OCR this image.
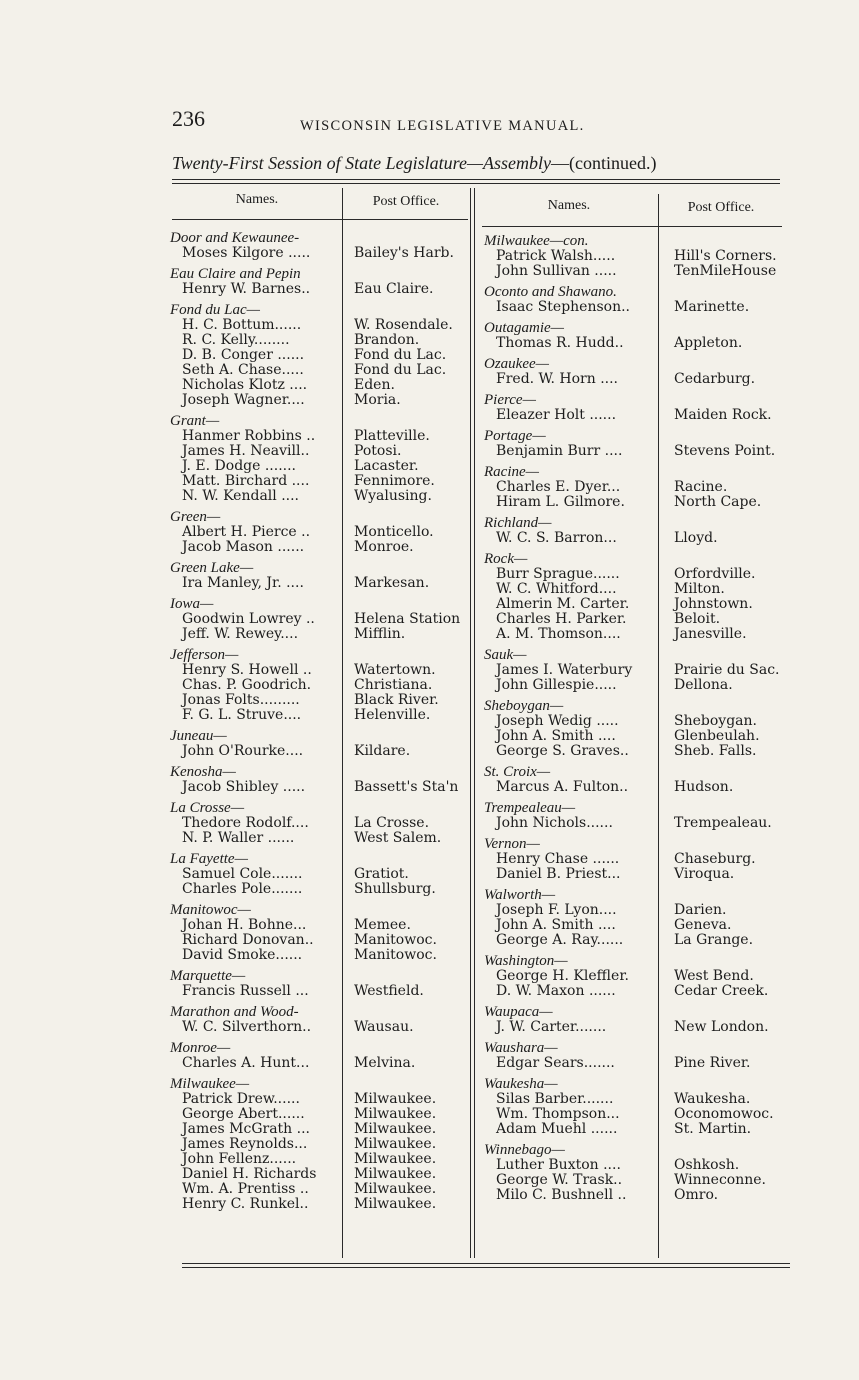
236	WISCONSIN LEGISLATIVE MANUAL.
Twenty-First Session of State Legislature—Assembly—(continued.)
Names.	Post Office.	Names.	Post Office.
Door and Kewaunee-
Moses Kilgore .....	Bailey's Harb.
Eau Claire and Pepin
Henry W. Barnes..	Eau Claire.
Fond du Lac—
H. C. Bottum......	W. Rosendale.
R. C. Kelly........	Brandon.
D. B. Conger ......	Fond du Lac.
Seth A. Chase.....	Fond du Lac.
Nicholas Klotz ....	Eden.
Joseph Wagner....	Moria.
Grant—
Hanmer Robbins ..	Platteville.
James H. Neavill..	Potosi.
J. E. Dodge .......	Lacaster.
Matt. Birchard ....	Fennimore.
N. W. Kendall ....	Wyalusing.
Green—
Albert H. Pierce ..	Monticello.
Jacob Mason ......	Monroe.
Green Lake—
Ira Manley, Jr. ....	Markesan.
Iowa—
Goodwin Lowrey ..	Helena Station
Jeff. W. Rewey....	Mifflin.
Jefferson—
Henry S. Howell ..	Watertown.
Chas. P. Goodrich.	Christiana.
Jonas Folts.........	Black River.
F. G. L. Struve....	Helenville.
Juneau—
John O'Rourke....	Kildare.
Kenosha—
Jacob Shibley .....	Bassett's Sta'n
La Crosse—
Thedore Rodolf....	La Crosse.
N. P. Waller ......	West Salem.
La Fayette—
Samuel Cole.......	Gratiot.
Charles Pole.......	Shullsburg.
Manitowoc—
Johan H. Bohne...	Memee.
Richard Donovan..	Manitowoc.
David Smoke......	Manitowoc.
Marquette—
Francis Russell ...	Westfield.
Marathon and Wood-
W. C. Silverthorn..	Wausau.
Monroe—
Charles A. Hunt...	Melvina.
Milwaukee—
Patrick Drew......	Milwaukee.
George Abert......	Milwaukee.
James McGrath ...	Milwaukee.
James Reynolds...	Milwaukee.
John Fellenz......	Milwaukee.
Daniel H. Richards	Milwaukee.
Wm. A. Prentiss ..	Milwaukee.
Henry C. Runkel..	Milwaukee.
Milwaukee—con.
Patrick Walsh.....	Hill's Corners.
John Sullivan .....	TenMileHouse
Oconto and Shawano.
Isaac Stephenson..	Marinette.
Outagamie—
Thomas R. Hudd..	Appleton.
Ozaukee—
Fred. W. Horn ....	Cedarburg.
Pierce—
Eleazer Holt ......	Maiden Rock.
Portage—
Benjamin Burr ....	Stevens Point.
Racine—
Charles E. Dyer...	Racine.
Hiram L. Gilmore.	North Cape.
Richland—
W. C. S. Barron...	Lloyd.
Rock—
Burr Sprague......	Orfordville.
W. C. Whitford....	Milton.
Almerin M. Carter.	Johnstown.
Charles H. Parker.	Beloit.
A. M. Thomson....	Janesville.
Sauk—
James I. Waterbury	Prairie du Sac.
John Gillespie.....	Dellona.
Sheboygan—
Joseph Wedig .....	Sheboygan.
John A. Smith ....	Glenbeulah.
George S. Graves..	Sheb. Falls.
St. Croix—
Marcus A. Fulton..	Hudson.
Trempealeau—
John Nichols......	Trempealeau.
Vernon—
Henry Chase ......	Chaseburg.
Daniel B. Priest...	Viroqua.
Walworth—
Joseph F. Lyon....	Darien.
John A. Smith ....	Geneva.
George A. Ray......	La Grange.
Washington—
George H. Kleffler.	West Bend.
D. W. Maxon ......	Cedar Creek.
Waupaca—
J. W. Carter.......	New London.
Waushara—
Edgar Sears.......	Pine River.
Waukesha—
Silas Barber.......	Waukesha.
Wm. Thompson...	Oconomowoc.
Adam Muehl ......	St. Martin.
Winnebago—
Luther Buxton ....	Oshkosh.
George W. Trask..	Winneconne.
Milo C. Bushnell ..	Omro.
